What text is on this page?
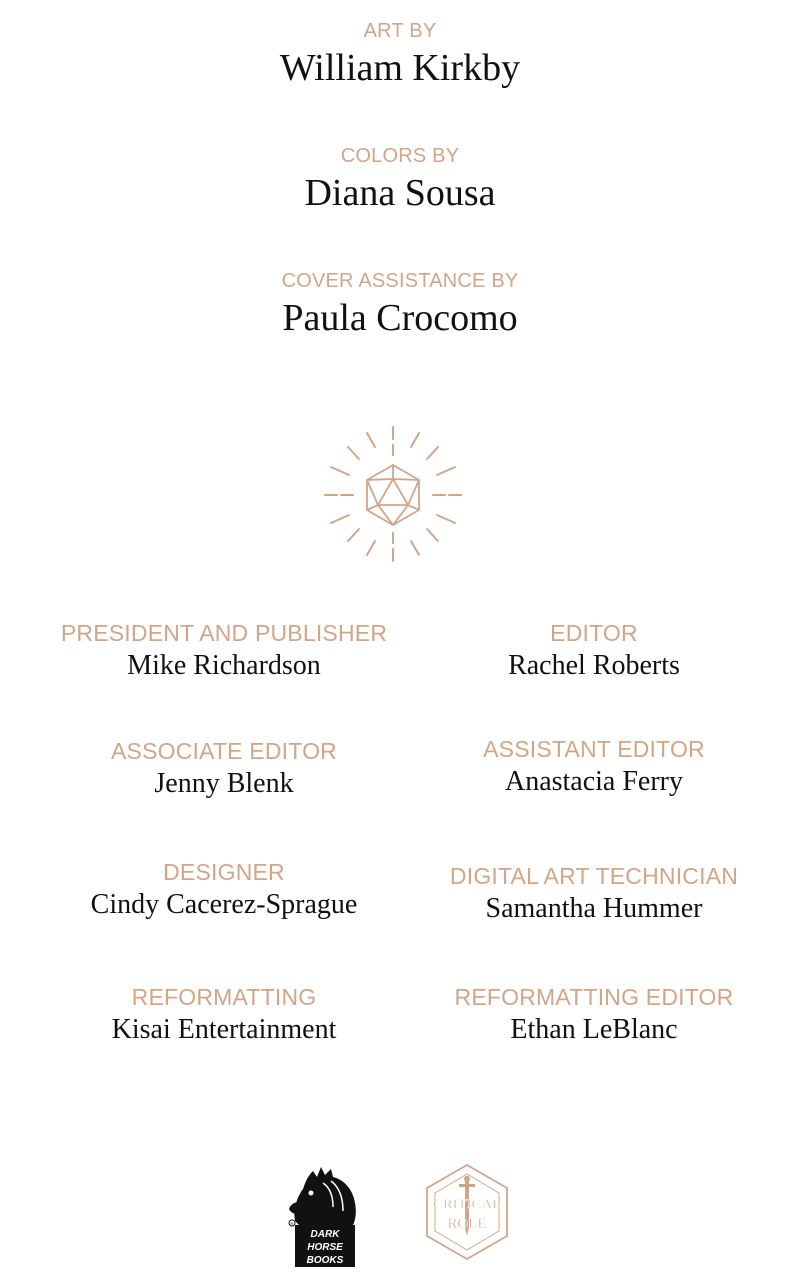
ART BY
William Kirkby
COLORS BY
Diana Sousa
COVER ASSISTANCE BY
Paula Crocomo
PRESIDENT AND PUBLISHER
Mike Richardson
EDITOR
Rachel Roberts
ASSOCIATE EDITOR
Jenny Blenk
ASSISTANT EDITOR
Anastacia Ferry
DESIGNER
Cindy Cacerez-Sprague
DIGITAL ART TECHNICIAN
Samantha Hummer
REFORMATTING
Kisai Entertainment
REFORMATTING EDITOR
Ethan LeBlanc
R
DARK
HORSE
BOOKS
CRITICAL
ROLE
